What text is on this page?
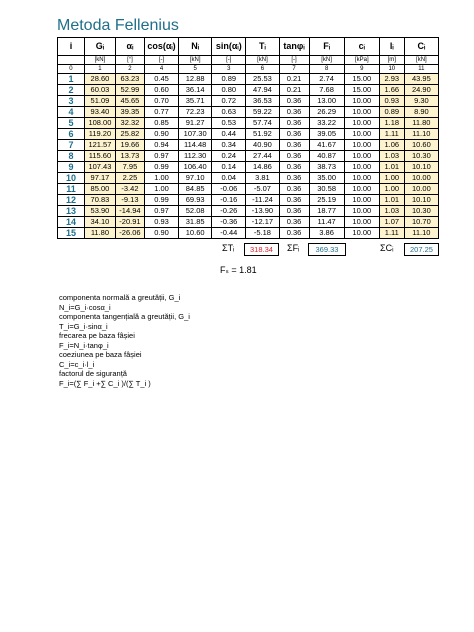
Metoda Fellenius
i	Gᵢ	αᵢ	cos(αᵢ)	Nᵢ	sin(αᵢ)	Tᵢ	tanφᵢ	Fᵢ	cᵢ	lᵢ	Cᵢ
	[kN]	[°]	[-]	[kN]	[-]	[kN]	[-]	[kN]	[kPa]	[m]	[kN]
0	1	2	4	5	3	6	7	8	9	10	11
1	28.60	63.23	0.45	12.88	0.89	25.53	0.21	2.74	15.00	2.93	43.95
2	60.03	52.99	0.60	36.14	0.80	47.94	0.21	7.68	15.00	1.66	24.90
3	51.09	45.65	0.70	35.71	0.72	36.53	0.36	13.00	10.00	0.93	9.30
4	93.40	39.35	0.77	72.23	0.63	59.22	0.36	26.29	10.00	0.89	8.90
5	108.00	32.32	0.85	91.27	0.53	57.74	0.36	33.22	10.00	1.18	11.80
6	119.20	25.82	0.90	107.30	0.44	51.92	0.36	39.05	10.00	1.11	11.10
7	121.57	19.66	0.94	114.48	0.34	40.90	0.36	41.67	10.00	1.06	10.60
8	115.60	13.73	0.97	112.30	0.24	27.44	0.36	40.87	10.00	1.03	10.30
9	107.43	7.95	0.99	106.40	0.14	14.86	0.36	38.73	10.00	1.01	10.10
10	97.17	2.25	1.00	97.10	0.04	3.81	0.36	35.00	10.00	1.00	10.00
11	85.00	-3.42	1.00	84.85	-0.06	-5.07	0.36	30.58	10.00	1.00	10.00
12	70.83	-9.13	0.99	69.93	-0.16	-11.24	0.36	25.19	10.00	1.01	10.10
13	53.90	-14.94	0.97	52.08	-0.26	-13.90	0.36	18.77	10.00	1.03	10.30
14	34.10	-20.91	0.93	31.85	-0.36	-12.17	0.36	11.47	10.00	1.07	10.70
15	11.80	-26.06	0.90	10.60	-0.44	-5.18	0.36	3.86	10.00	1.11	11.10
ΣTᵢ	318.34	ΣFᵢ	369.33	ΣCᵢ	207.25
Fₛ = 1.81
componenta normală a greutății, G_i
N_i=G_i·cosα_i
componenta tangențială a greutății, G_i
T_i=G_i·sinα_i
frecarea pe baza fâșiei
F_i=N_i·tanφ_i
coeziunea pe baza fâșiei
C_i=c_i·l_i
factorul de siguranță
F_i=(∑ F_i +∑ C_i )/(∑ T_i )
